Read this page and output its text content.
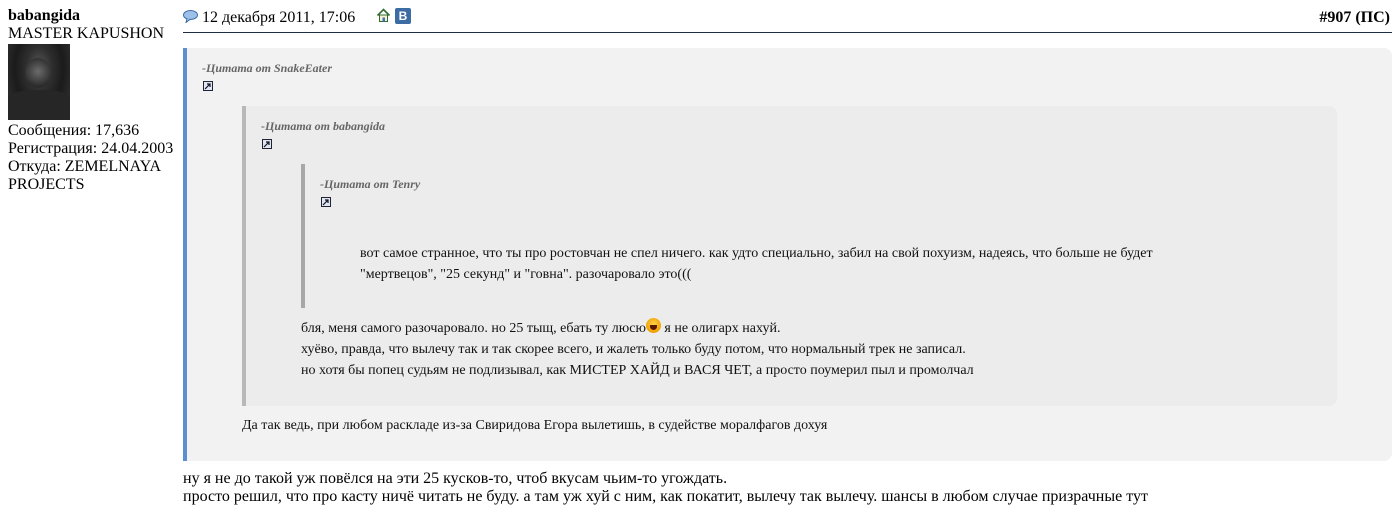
babangida
MASTER KAPUSHON
Сообщения: 17,636
Регистрация: 24.04.2003
Откуда: ZEMELNAYA
PROJECTS
12 декабря 2011, 17:06	В	#907 (ПС)
-Цитата от SnakeEater
-Цитата от babangida
-Цитата от Tenry
вот самое странное, что ты про ростовчан не спел ничего. как удто специально, забил на свой похуизм, надеясь, что больше не будет
"мертвецов", "25 секунд" и "говна". разочаровало это(((
бля, меня самого разочаровало. но 25 тыщ, ебать ту люсю я не олигарх нахуй.
хуёво, правда, что вылечу так и так скорее всего, и жалеть только буду потом, что нормальный трек не записал.
но хотя бы попец судьям не подлизывал, как МИСТЕР ХАЙД и ВАСЯ ЧЕТ, а просто поумерил пыл и промолчал
Да так ведь, при любом раскладе из-за Свиридова Егора вылетишь, в судействе моралфагов дохуя
ну я не до такой уж повёлся на эти 25 кусков-то, чтоб вкусам чьим-то угождать.
просто решил, что про касту ничё читать не буду. а там уж хуй с ним, как покатит, вылечу так вылечу. шансы в любом случае призрачные тут
